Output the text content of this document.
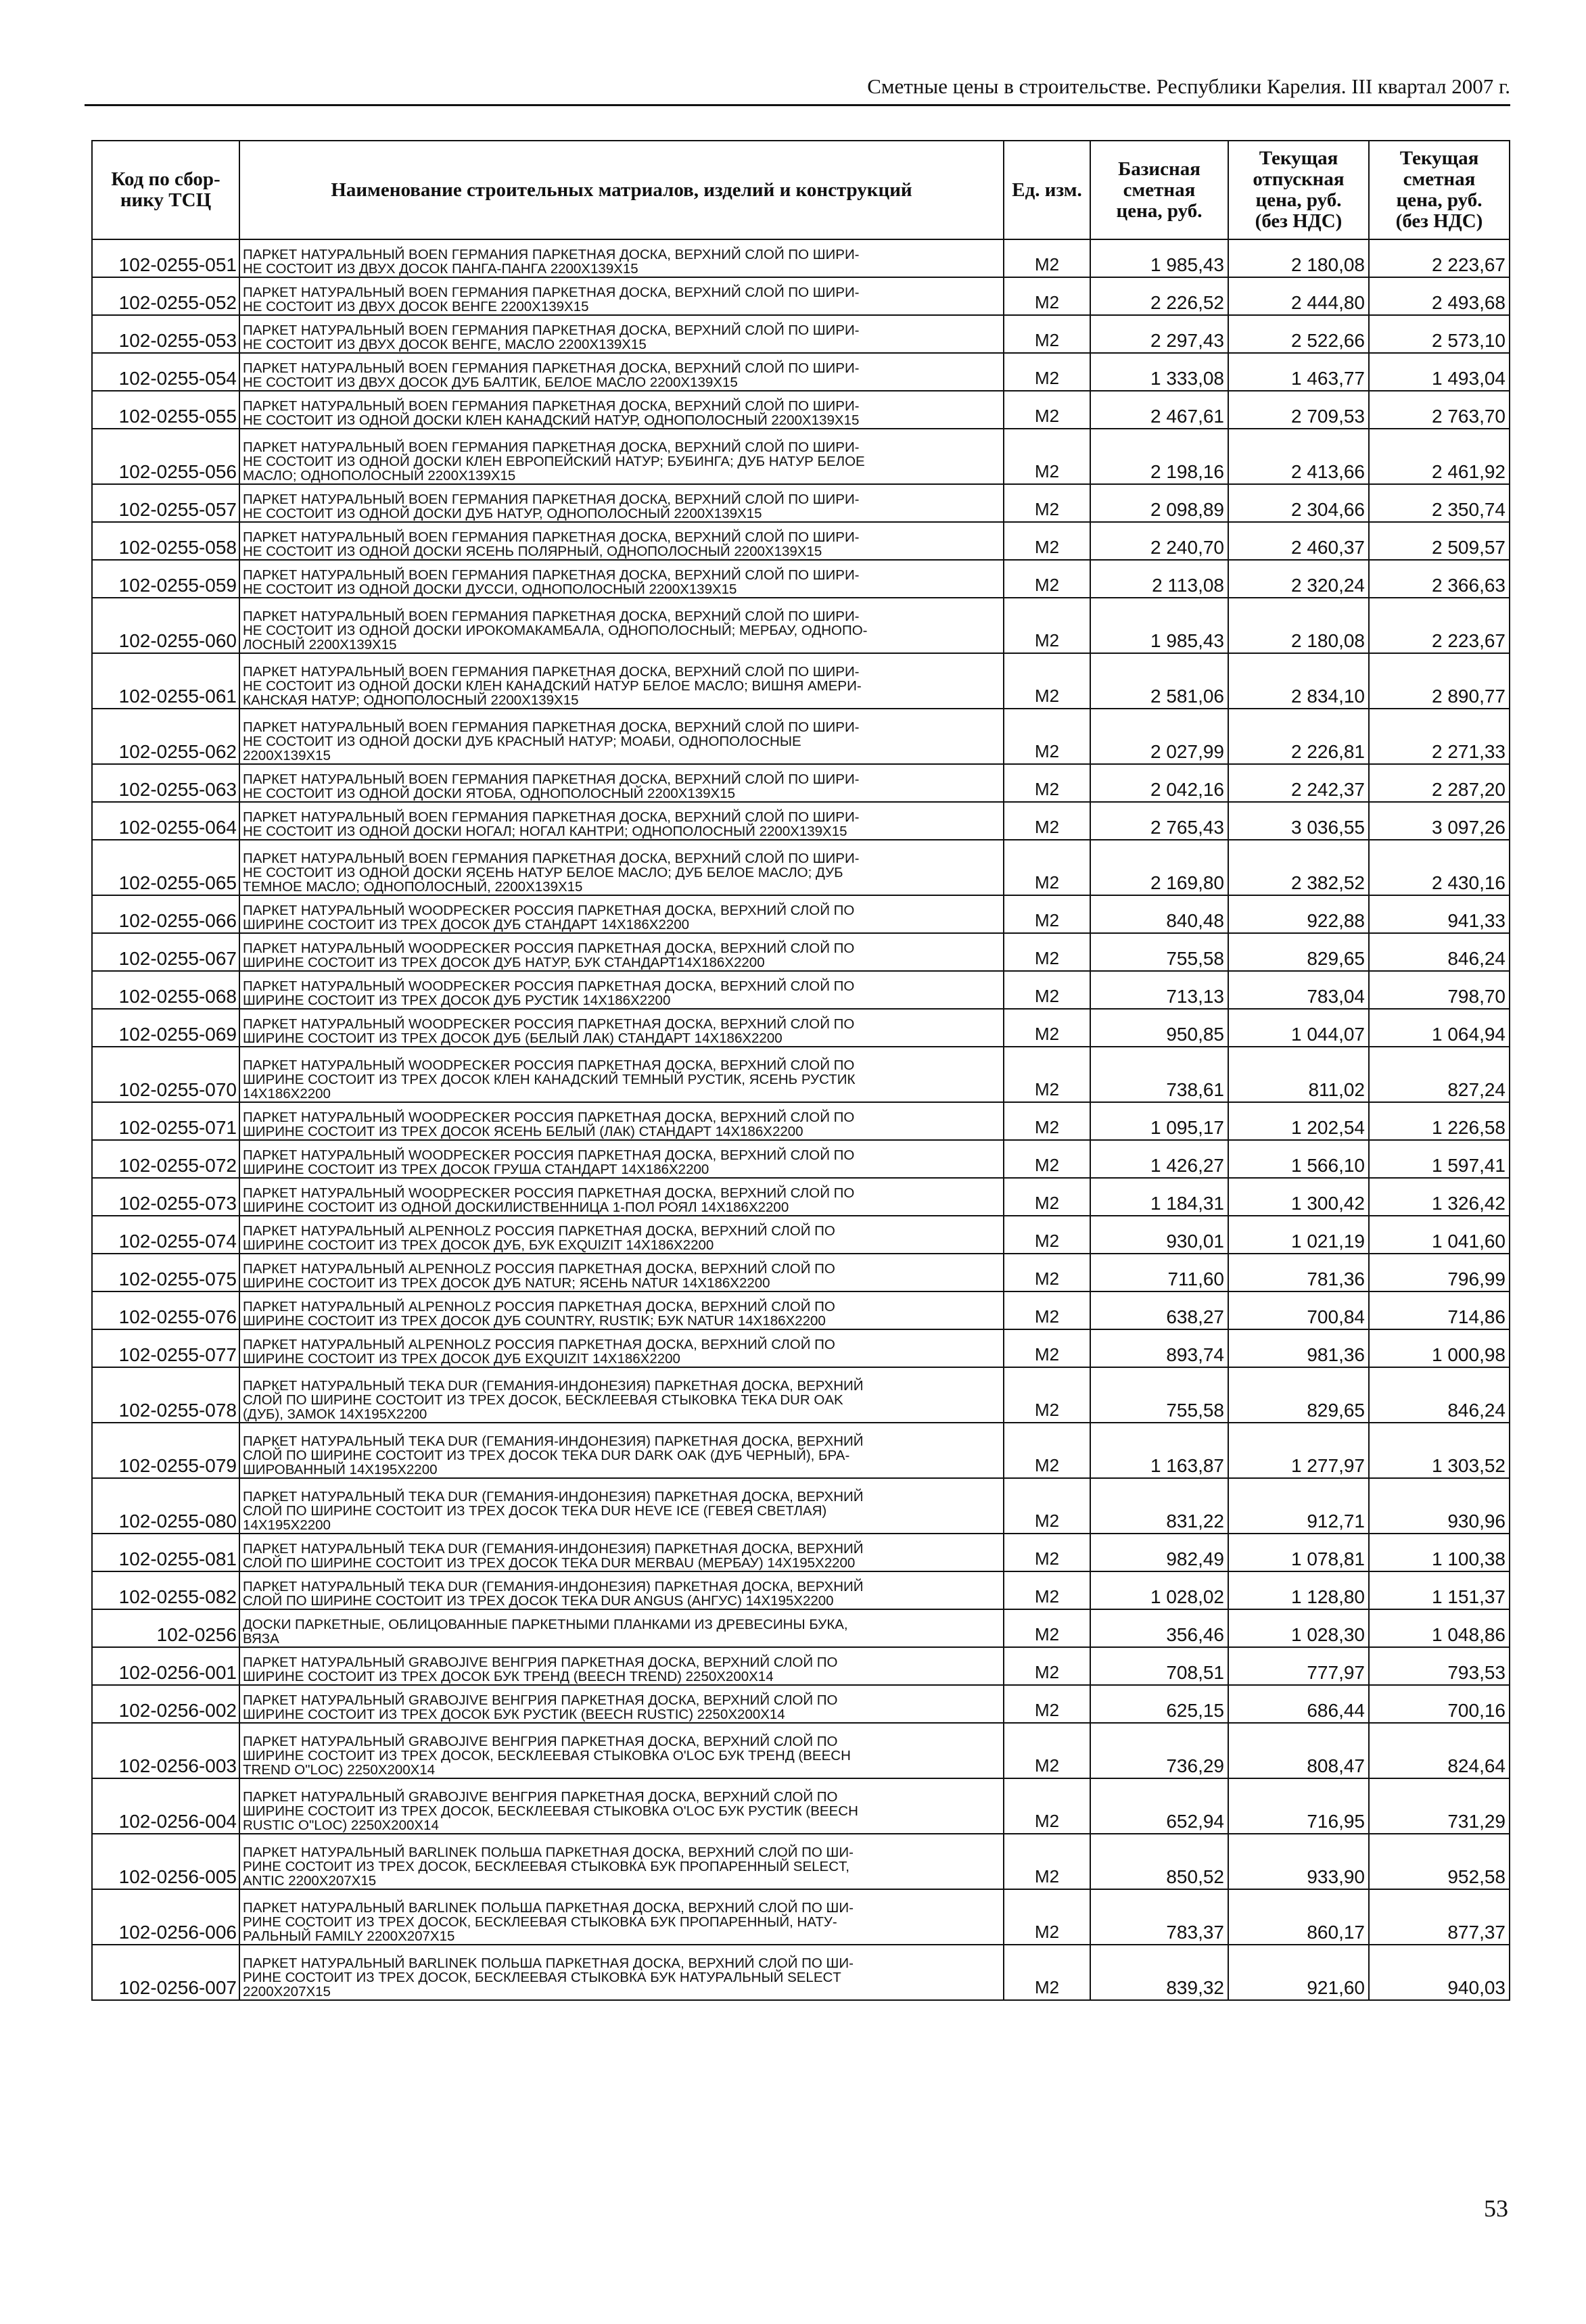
Сметные цены в строительстве. Республики Карелия. III квартал 2007 г.
Код по сбор-
нику ТСЦ	Наименование строительных матриалов, изделий и конструкций	Ед. изм.	Базисная
сметная
цена, руб.	Текущая
отпускная
цена, руб.
(без НДС)	Текущая
сметная
цена, руб.
(без НДС)
102-0255-051	ПАРКЕТ НАТУРАЛЬНЫЙ BOEN ГЕРМАНИЯ ПАРКЕТНАЯ ДОСКА, ВЕРХНИЙ СЛОЙ ПО ШИРИ-
НЕ СОСТОИТ ИЗ ДВУХ ДОСОК ПАНГА-ПАНГА 2200Х139Х15	М2	1 985,43	2 180,08	2 223,67
102-0255-052	ПАРКЕТ НАТУРАЛЬНЫЙ BOEN ГЕРМАНИЯ ПАРКЕТНАЯ ДОСКА, ВЕРХНИЙ СЛОЙ ПО ШИРИ-
НЕ СОСТОИТ ИЗ ДВУХ ДОСОК ВЕНГЕ 2200Х139Х15	М2	2 226,52	2 444,80	2 493,68
102-0255-053	ПАРКЕТ НАТУРАЛЬНЫЙ BOEN ГЕРМАНИЯ ПАРКЕТНАЯ ДОСКА, ВЕРХНИЙ СЛОЙ ПО ШИРИ-
НЕ СОСТОИТ ИЗ ДВУХ ДОСОК ВЕНГЕ, МАСЛО 2200Х139Х15	М2	2 297,43	2 522,66	2 573,10
102-0255-054	ПАРКЕТ НАТУРАЛЬНЫЙ BOEN ГЕРМАНИЯ ПАРКЕТНАЯ ДОСКА, ВЕРХНИЙ СЛОЙ ПО ШИРИ-
НЕ СОСТОИТ ИЗ ДВУХ ДОСОК ДУБ БАЛТИК, БЕЛОЕ МАСЛО 2200Х139Х15	М2	1 333,08	1 463,77	1 493,04
102-0255-055	ПАРКЕТ НАТУРАЛЬНЫЙ BOEN ГЕРМАНИЯ ПАРКЕТНАЯ ДОСКА, ВЕРХНИЙ СЛОЙ ПО ШИРИ-
НЕ СОСТОИТ ИЗ ОДНОЙ ДОСКИ КЛЕН КАНАДСКИЙ НАТУР, ОДНОПОЛОСНЫЙ 2200Х139Х15	М2	2 467,61	2 709,53	2 763,70
102-0255-056	ПАРКЕТ НАТУРАЛЬНЫЙ BOEN ГЕРМАНИЯ ПАРКЕТНАЯ ДОСКА, ВЕРХНИЙ СЛОЙ ПО ШИРИ-
НЕ СОСТОИТ ИЗ ОДНОЙ ДОСКИ КЛЕН ЕВРОПЕЙСКИЙ НАТУР; БУБИНГА; ДУБ НАТУР БЕЛОЕ
МАСЛО; ОДНОПОЛОСНЫЙ 2200Х139Х15	М2	2 198,16	2 413,66	2 461,92
102-0255-057	ПАРКЕТ НАТУРАЛЬНЫЙ BOEN ГЕРМАНИЯ ПАРКЕТНАЯ ДОСКА, ВЕРХНИЙ СЛОЙ ПО ШИРИ-
НЕ СОСТОИТ ИЗ ОДНОЙ ДОСКИ ДУБ НАТУР, ОДНОПОЛОСНЫЙ 2200Х139Х15	М2	2 098,89	2 304,66	2 350,74
102-0255-058	ПАРКЕТ НАТУРАЛЬНЫЙ BOEN ГЕРМАНИЯ ПАРКЕТНАЯ ДОСКА, ВЕРХНИЙ СЛОЙ ПО ШИРИ-
НЕ СОСТОИТ ИЗ ОДНОЙ ДОСКИ ЯСЕНЬ ПОЛЯРНЫЙ, ОДНОПОЛОСНЫЙ 2200Х139Х15	М2	2 240,70	2 460,37	2 509,57
102-0255-059	ПАРКЕТ НАТУРАЛЬНЫЙ BOEN ГЕРМАНИЯ ПАРКЕТНАЯ ДОСКА, ВЕРХНИЙ СЛОЙ ПО ШИРИ-
НЕ СОСТОИТ ИЗ ОДНОЙ ДОСКИ ДУССИ, ОДНОПОЛОСНЫЙ 2200Х139Х15	М2	2 113,08	2 320,24	2 366,63
102-0255-060	ПАРКЕТ НАТУРАЛЬНЫЙ BOEN ГЕРМАНИЯ ПАРКЕТНАЯ ДОСКА, ВЕРХНИЙ СЛОЙ ПО ШИРИ-
НЕ СОСТОИТ ИЗ ОДНОЙ ДОСКИ ИРОКОМАКАМБАЛА, ОДНОПОЛОСНЫЙ; МЕРБАУ, ОДНОПО-
ЛОСНЫЙ 2200Х139Х15	М2	1 985,43	2 180,08	2 223,67
102-0255-061	ПАРКЕТ НАТУРАЛЬНЫЙ BOEN ГЕРМАНИЯ ПАРКЕТНАЯ ДОСКА, ВЕРХНИЙ СЛОЙ ПО ШИРИ-
НЕ СОСТОИТ ИЗ ОДНОЙ ДОСКИ КЛЕН КАНАДСКИЙ НАТУР БЕЛОЕ МАСЛО; ВИШНЯ АМЕРИ-
КАНСКАЯ НАТУР; ОДНОПОЛОСНЫЙ 2200Х139Х15	М2	2 581,06	2 834,10	2 890,77
102-0255-062	ПАРКЕТ НАТУРАЛЬНЫЙ BOEN ГЕРМАНИЯ ПАРКЕТНАЯ ДОСКА, ВЕРХНИЙ СЛОЙ ПО ШИРИ-
НЕ СОСТОИТ ИЗ ОДНОЙ ДОСКИ ДУБ КРАСНЫЙ НАТУР; МОАБИ, ОДНОПОЛОСНЫЕ
2200Х139Х15	М2	2 027,99	2 226,81	2 271,33
102-0255-063	ПАРКЕТ НАТУРАЛЬНЫЙ BOEN ГЕРМАНИЯ ПАРКЕТНАЯ ДОСКА, ВЕРХНИЙ СЛОЙ ПО ШИРИ-
НЕ СОСТОИТ ИЗ ОДНОЙ ДОСКИ ЯТОБА, ОДНОПОЛОСНЫЙ 2200Х139Х15	М2	2 042,16	2 242,37	2 287,20
102-0255-064	ПАРКЕТ НАТУРАЛЬНЫЙ BOEN ГЕРМАНИЯ ПАРКЕТНАЯ ДОСКА, ВЕРХНИЙ СЛОЙ ПО ШИРИ-
НЕ СОСТОИТ ИЗ ОДНОЙ ДОСКИ НОГАЛ; НОГАЛ КАНТРИ; ОДНОПОЛОСНЫЙ 2200Х139Х15	М2	2 765,43	3 036,55	3 097,26
102-0255-065	ПАРКЕТ НАТУРАЛЬНЫЙ BOEN ГЕРМАНИЯ ПАРКЕТНАЯ ДОСКА, ВЕРХНИЙ СЛОЙ ПО ШИРИ-
НЕ СОСТОИТ ИЗ ОДНОЙ ДОСКИ ЯСЕНЬ НАТУР БЕЛОЕ МАСЛО; ДУБ БЕЛОЕ МАСЛО; ДУБ
ТЕМНОЕ МАСЛО; ОДНОПОЛОСНЫЙ, 2200Х139Х15	М2	2 169,80	2 382,52	2 430,16
102-0255-066	ПАРКЕТ НАТУРАЛЬНЫЙ WOODPECKER РОССИЯ ПАРКЕТНАЯ ДОСКА, ВЕРХНИЙ СЛОЙ ПО
ШИРИНЕ СОСТОИТ ИЗ ТРЕХ ДОСОК ДУБ СТАНДАРТ 14Х186Х2200	М2	840,48	922,88	941,33
102-0255-067	ПАРКЕТ НАТУРАЛЬНЫЙ WOODPECKER РОССИЯ ПАРКЕТНАЯ ДОСКА, ВЕРХНИЙ СЛОЙ ПО
ШИРИНЕ СОСТОИТ ИЗ ТРЕХ ДОСОК ДУБ НАТУР, БУК СТАНДАРТ14Х186Х2200	М2	755,58	829,65	846,24
102-0255-068	ПАРКЕТ НАТУРАЛЬНЫЙ WOODPECKER РОССИЯ ПАРКЕТНАЯ ДОСКА, ВЕРХНИЙ СЛОЙ ПО
ШИРИНЕ СОСТОИТ ИЗ ТРЕХ ДОСОК ДУБ РУСТИК 14Х186Х2200	М2	713,13	783,04	798,70
102-0255-069	ПАРКЕТ НАТУРАЛЬНЫЙ WOODPECKER РОССИЯ ПАРКЕТНАЯ ДОСКА, ВЕРХНИЙ СЛОЙ ПО
ШИРИНЕ СОСТОИТ ИЗ ТРЕХ ДОСОК ДУБ (БЕЛЫЙ ЛАК) СТАНДАРТ 14Х186Х2200	М2	950,85	1 044,07	1 064,94
102-0255-070	ПАРКЕТ НАТУРАЛЬНЫЙ WOODPECKER РОССИЯ ПАРКЕТНАЯ ДОСКА, ВЕРХНИЙ СЛОЙ ПО
ШИРИНЕ СОСТОИТ ИЗ ТРЕХ ДОСОК КЛЕН КАНАДСКИЙ ТЕМНЫЙ РУСТИК, ЯСЕНЬ РУСТИК
14Х186Х2200	М2	738,61	811,02	827,24
102-0255-071	ПАРКЕТ НАТУРАЛЬНЫЙ WOODPECKER РОССИЯ ПАРКЕТНАЯ ДОСКА, ВЕРХНИЙ СЛОЙ ПО
ШИРИНЕ СОСТОИТ ИЗ ТРЕХ ДОСОК ЯСЕНЬ БЕЛЫЙ (ЛАК) СТАНДАРТ 14Х186Х2200	М2	1 095,17	1 202,54	1 226,58
102-0255-072	ПАРКЕТ НАТУРАЛЬНЫЙ WOODPECKER РОССИЯ ПАРКЕТНАЯ ДОСКА, ВЕРХНИЙ СЛОЙ ПО
ШИРИНЕ СОСТОИТ ИЗ ТРЕХ ДОСОК ГРУША СТАНДАРТ 14Х186Х2200	М2	1 426,27	1 566,10	1 597,41
102-0255-073	ПАРКЕТ НАТУРАЛЬНЫЙ WOODPECKER РОССИЯ ПАРКЕТНАЯ ДОСКА, ВЕРХНИЙ СЛОЙ ПО
ШИРИНЕ СОСТОИТ ИЗ ОДНОЙ ДОСКИЛИСТВЕННИЦА 1-ПОЛ РОЯЛ 14Х186Х2200	М2	1 184,31	1 300,42	1 326,42
102-0255-074	ПАРКЕТ НАТУРАЛЬНЫЙ ALPENHOLZ РОССИЯ ПАРКЕТНАЯ ДОСКА, ВЕРХНИЙ СЛОЙ ПО
ШИРИНЕ СОСТОИТ ИЗ ТРЕХ ДОСОК ДУБ, БУК EXQUIZIT 14Х186Х2200	М2	930,01	1 021,19	1 041,60
102-0255-075	ПАРКЕТ НАТУРАЛЬНЫЙ ALPENHOLZ РОССИЯ ПАРКЕТНАЯ ДОСКА, ВЕРХНИЙ СЛОЙ ПО
ШИРИНЕ СОСТОИТ ИЗ ТРЕХ ДОСОК ДУБ NATUR; ЯСЕНЬ NATUR 14Х186Х2200	М2	711,60	781,36	796,99
102-0255-076	ПАРКЕТ НАТУРАЛЬНЫЙ ALPENHOLZ РОССИЯ ПАРКЕТНАЯ ДОСКА, ВЕРХНИЙ СЛОЙ ПО
ШИРИНЕ СОСТОИТ ИЗ ТРЕХ ДОСОК ДУБ COUNTRY, RUSTIK; БУК NATUR 14Х186Х2200	М2	638,27	700,84	714,86
102-0255-077	ПАРКЕТ НАТУРАЛЬНЫЙ ALPENHOLZ РОССИЯ ПАРКЕТНАЯ ДОСКА, ВЕРХНИЙ СЛОЙ ПО
ШИРИНЕ СОСТОИТ ИЗ ТРЕХ ДОСОК ДУБ EXQUIZIT 14Х186Х2200	М2	893,74	981,36	1 000,98
102-0255-078	ПАРКЕТ НАТУРАЛЬНЫЙ TEKA DUR (ГЕМАНИЯ-ИНДОНЕЗИЯ) ПАРКЕТНАЯ ДОСКА, ВЕРХНИЙ
СЛОЙ ПО ШИРИНЕ СОСТОИТ ИЗ ТРЕХ ДОСОК, БЕСКЛЕЕВАЯ СТЫКОВКА TEKA DUR OAK
(ДУБ), ЗАМОК 14Х195Х2200	М2	755,58	829,65	846,24
102-0255-079	ПАРКЕТ НАТУРАЛЬНЫЙ TEKA DUR (ГЕМАНИЯ-ИНДОНЕЗИЯ) ПАРКЕТНАЯ ДОСКА, ВЕРХНИЙ
СЛОЙ ПО ШИРИНЕ СОСТОИТ ИЗ ТРЕХ ДОСОК TEKA DUR DARK OAK (ДУБ ЧЕРНЫЙ), БРА-
ШИРОВАННЫЙ 14Х195Х2200	М2	1 163,87	1 277,97	1 303,52
102-0255-080	ПАРКЕТ НАТУРАЛЬНЫЙ TEKA DUR (ГЕМАНИЯ-ИНДОНЕЗИЯ) ПАРКЕТНАЯ ДОСКА, ВЕРХНИЙ
СЛОЙ ПО ШИРИНЕ СОСТОИТ ИЗ ТРЕХ ДОСОК TEKA DUR HEVE ICE (ГЕВЕЯ СВЕТЛАЯ)
14Х195Х2200	М2	831,22	912,71	930,96
102-0255-081	ПАРКЕТ НАТУРАЛЬНЫЙ TEKA DUR (ГЕМАНИЯ-ИНДОНЕЗИЯ) ПАРКЕТНАЯ ДОСКА, ВЕРХНИЙ
СЛОЙ ПО ШИРИНЕ СОСТОИТ ИЗ ТРЕХ ДОСОК TEKA DUR MERBAU (МЕРБАУ) 14Х195Х2200	М2	982,49	1 078,81	1 100,38
102-0255-082	ПАРКЕТ НАТУРАЛЬНЫЙ TEKA DUR (ГЕМАНИЯ-ИНДОНЕЗИЯ) ПАРКЕТНАЯ ДОСКА, ВЕРХНИЙ
СЛОЙ ПО ШИРИНЕ СОСТОИТ ИЗ ТРЕХ ДОСОК TEKA DUR ANGUS (АНГУС) 14Х195Х2200	М2	1 028,02	1 128,80	1 151,37
102-0256	ДОСКИ ПАРКЕТНЫЕ, ОБЛИЦОВАННЫЕ ПАРКЕТНЫМИ ПЛАНКАМИ ИЗ ДРЕВЕСИНЫ БУКА,
ВЯЗА	М2	356,46	1 028,30	1 048,86
102-0256-001	ПАРКЕТ НАТУРАЛЬНЫЙ GRABOJIVE ВЕНГРИЯ ПАРКЕТНАЯ ДОСКА, ВЕРХНИЙ СЛОЙ ПО
ШИРИНЕ СОСТОИТ ИЗ ТРЕХ ДОСОК БУК ТРЕНД (BEECH TREND) 2250Х200Х14	М2	708,51	777,97	793,53
102-0256-002	ПАРКЕТ НАТУРАЛЬНЫЙ GRABOJIVE ВЕНГРИЯ ПАРКЕТНАЯ ДОСКА, ВЕРХНИЙ СЛОЙ ПО
ШИРИНЕ СОСТОИТ ИЗ ТРЕХ ДОСОК БУК РУСТИК (BEECH RUSTIC) 2250Х200Х14	М2	625,15	686,44	700,16
102-0256-003	ПАРКЕТ НАТУРАЛЬНЫЙ GRABOJIVE ВЕНГРИЯ ПАРКЕТНАЯ ДОСКА, ВЕРХНИЙ СЛОЙ ПО
ШИРИНЕ СОСТОИТ ИЗ ТРЕХ ДОСОК, БЕСКЛЕЕВАЯ СТЫКОВКА O'LOC БУК ТРЕНД (BEECH
TREND O"LOC) 2250Х200Х14	М2	736,29	808,47	824,64
102-0256-004	ПАРКЕТ НАТУРАЛЬНЫЙ GRABOJIVE ВЕНГРИЯ ПАРКЕТНАЯ ДОСКА, ВЕРХНИЙ СЛОЙ ПО
ШИРИНЕ СОСТОИТ ИЗ ТРЕХ ДОСОК, БЕСКЛЕЕВАЯ СТЫКОВКА O'LOC БУК РУСТИК (BEECH
RUSTIC O"LOC) 2250Х200Х14	М2	652,94	716,95	731,29
102-0256-005	ПАРКЕТ НАТУРАЛЬНЫЙ BARLINEK ПОЛЬША ПАРКЕТНАЯ ДОСКА, ВЕРХНИЙ СЛОЙ ПО ШИ-
РИНЕ СОСТОИТ ИЗ ТРЕХ ДОСОК, БЕСКЛЕЕВАЯ СТЫКОВКА БУК ПРОПАРЕННЫЙ SELECT,
ANTIC 2200Х207Х15	М2	850,52	933,90	952,58
102-0256-006	ПАРКЕТ НАТУРАЛЬНЫЙ BARLINEK ПОЛЬША ПАРКЕТНАЯ ДОСКА, ВЕРХНИЙ СЛОЙ ПО ШИ-
РИНЕ СОСТОИТ ИЗ ТРЕХ ДОСОК, БЕСКЛЕЕВАЯ СТЫКОВКА БУК ПРОПАРЕННЫЙ, НАТУ-
РАЛЬНЫЙ FAMILY 2200Х207Х15	М2	783,37	860,17	877,37
102-0256-007	ПАРКЕТ НАТУРАЛЬНЫЙ BARLINEK ПОЛЬША ПАРКЕТНАЯ ДОСКА, ВЕРХНИЙ СЛОЙ ПО ШИ-
РИНЕ СОСТОИТ ИЗ ТРЕХ ДОСОК, БЕСКЛЕЕВАЯ СТЫКОВКА БУК НАТУРАЛЬНЫЙ SELECT
2200Х207Х15	М2	839,32	921,60	940,03
53
